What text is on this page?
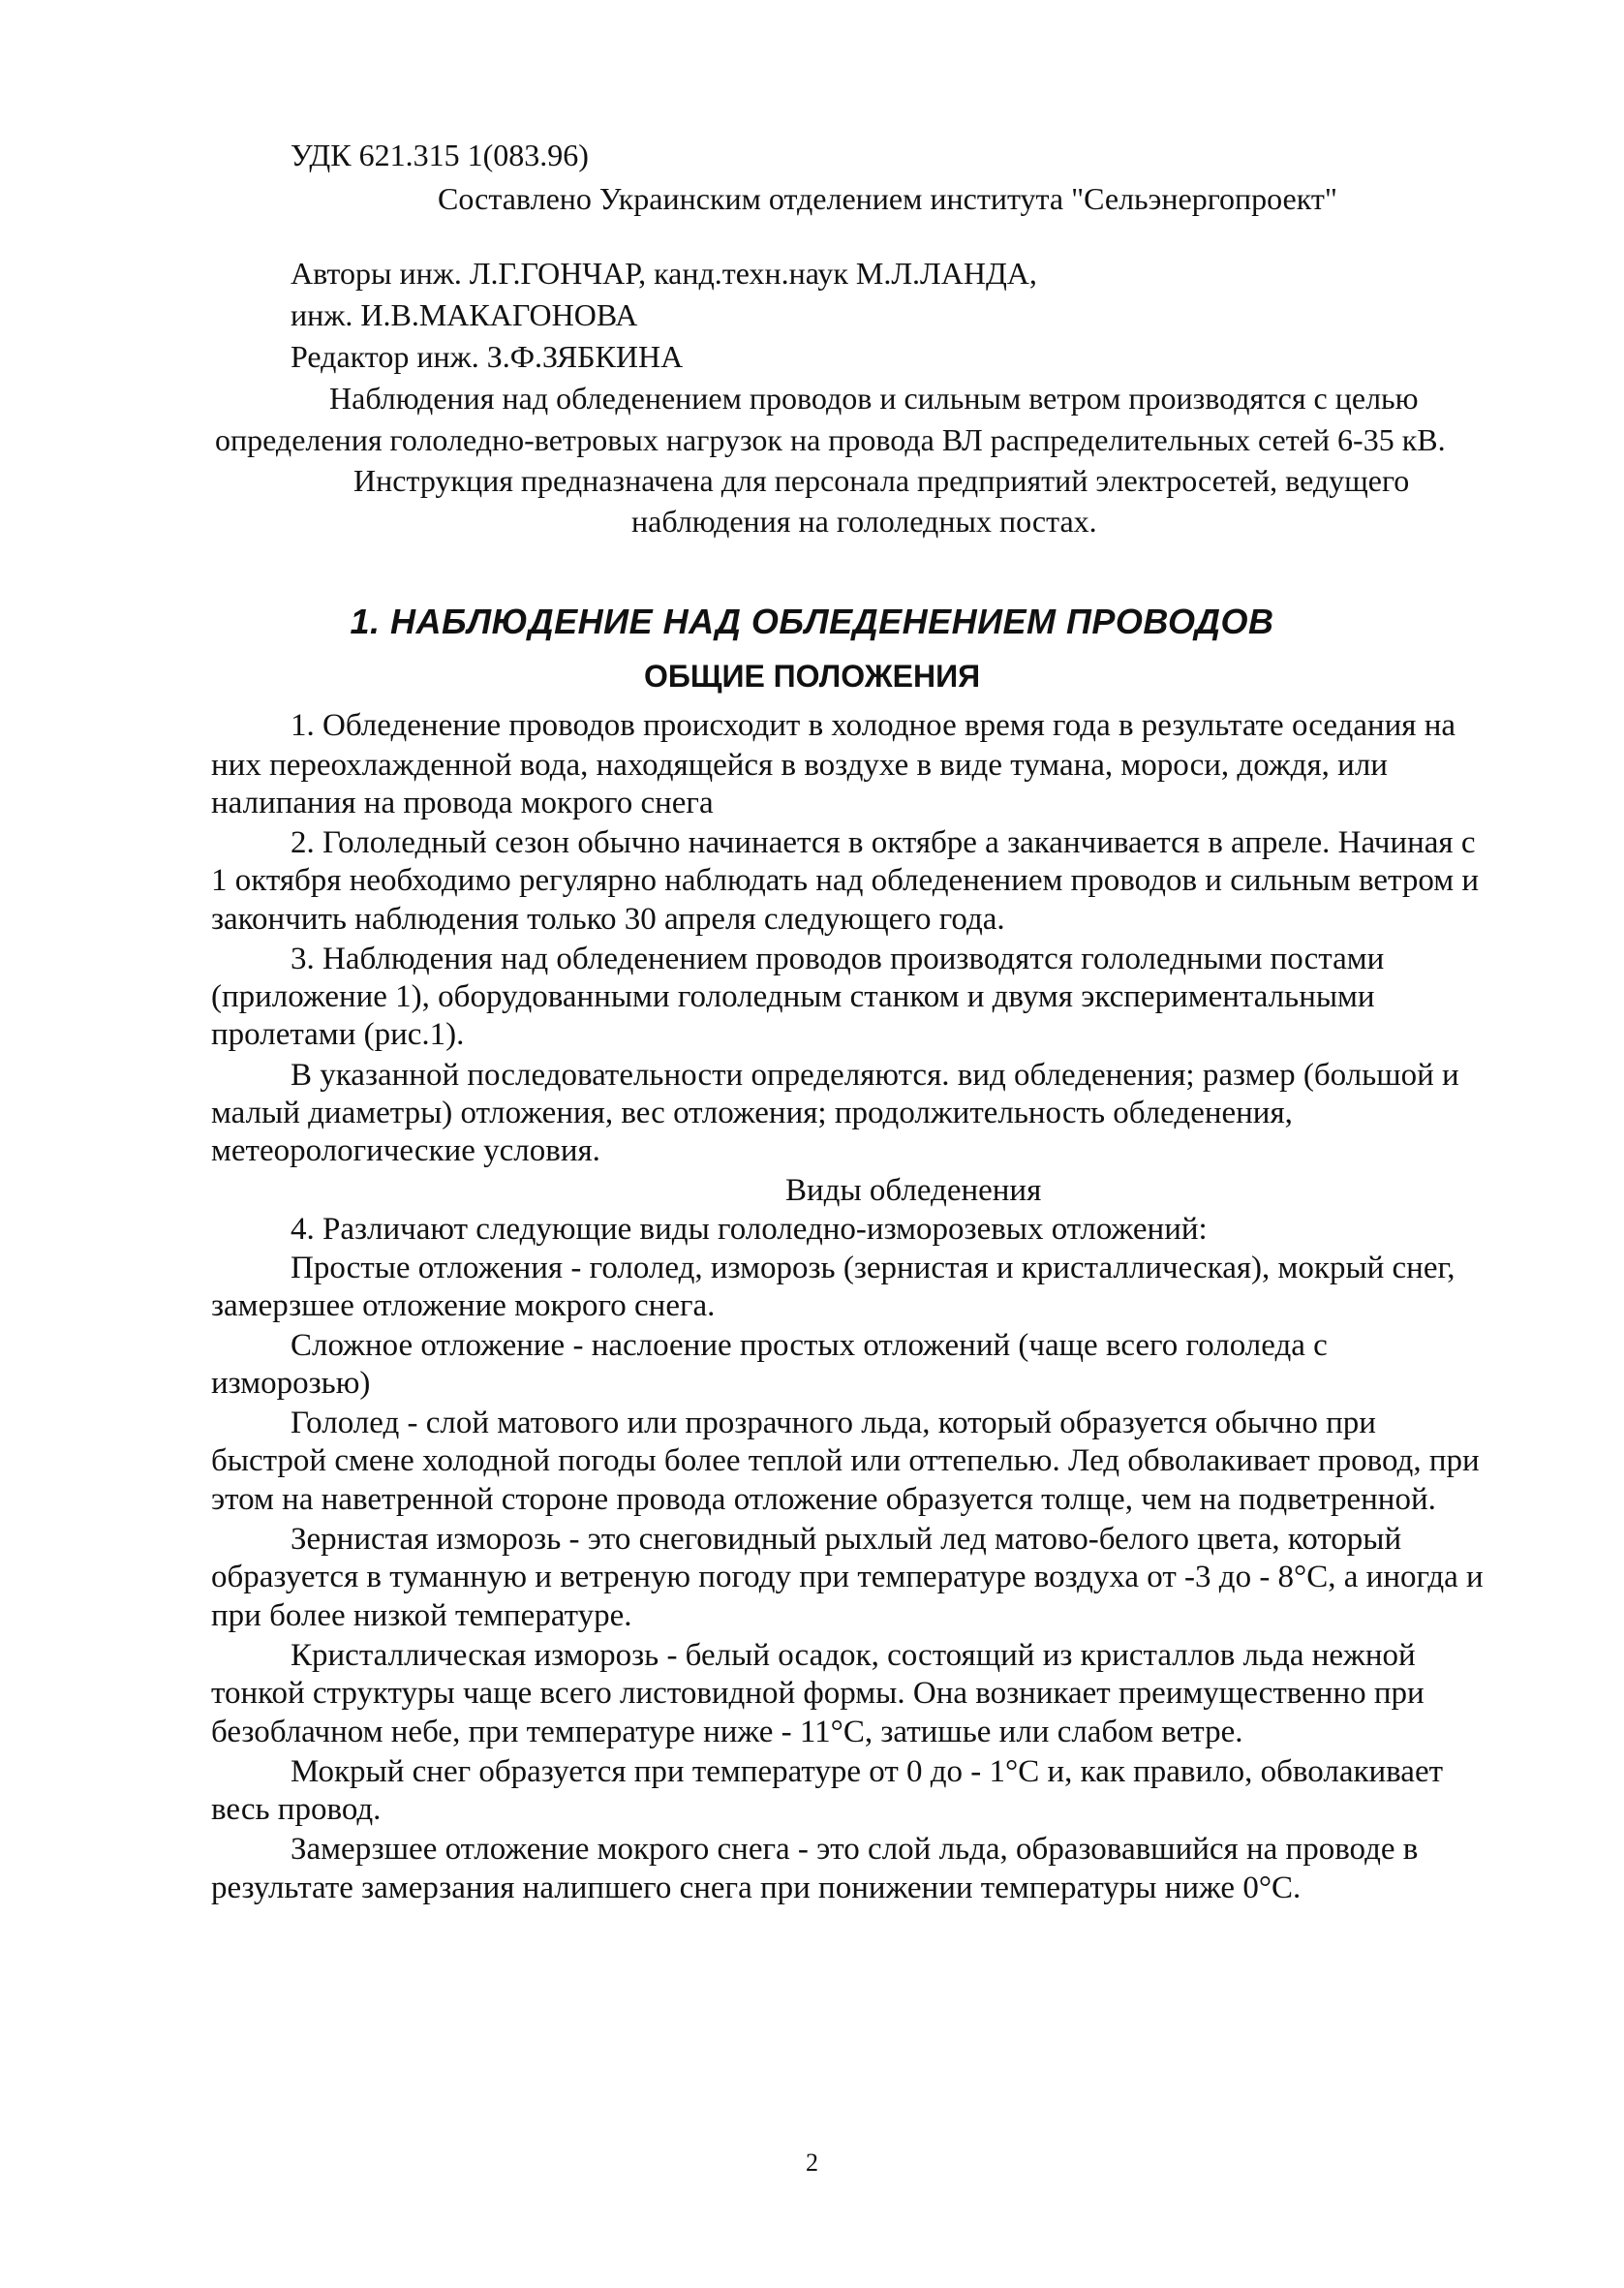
УДК 621.315 1(083.96)

Составлено Украинским отделением института "Сельэнергопроект"

Авторы инж. Л.Г.ГОНЧАР, канд.техн.наук М.Л.ЛАНДА,

инж. И.В.МАКАГОНОВА

Редактор инж. З.Ф.ЗЯБКИНА

Наблюдения над обледенением проводов и сильным ветром производятся с целью

определения гололедно-ветровых нагрузок на провода ВЛ распределительных сетей 6-35 кВ.

Инструкция предназначена для персонала предприятий электросетей, ведущего

наблюдения на гололедных постах.

1. НАБЛЮДЕНИЕ НАД ОБЛЕДЕНЕНИЕМ ПРОВОДОВ
ОБЩИЕ ПОЛОЖЕНИЯ

1. Обледенение проводов происходит в холодное время года в результате оседания на

них переохлажденной вода, находящейся в воздухе в виде тумана, мороси, дождя, или

налипания на провода мокрого снега

2. Гололедный сезон обычно начинается в октябре а заканчивается в апреле. Начиная с

1 октября необходимо регулярно наблюдать над обледенением проводов и сильным ветром и

закончить наблюдения только 30 апреля следующего года.

3. Наблюдения над обледенением проводов производятся гололедными постами

(приложение 1), оборудованными гололедным станком и двумя экспериментальными

пролетами (рис.1).

В указанной последовательности определяются. вид обледенения; размер (большой и

малый диаметры) отложения, вес отложения; продолжительность обледенения,

метеорологические условия.

Виды обледенения

4. Различают следующие виды гололедно-изморозевых отложений:

Простые отложения - гололед, изморозь (зернистая и кристаллическая), мокрый снег,

замерзшее отложение мокрого снега.

Сложное отложение - наслоение простых отложений (чаще всего гололеда с

изморозью)

Гололед - слой матового или прозрачного льда, который образуется обычно при

быстрой смене холодной погоды более теплой или оттепелью. Лед обволакивает провод, при

этом на наветренной стороне провода отложение образуется толще, чем на подветренной.

Зернистая изморозь - это снеговидный рыхлый лед матово-белого цвета, который

образуется в туманную и ветреную погоду при температуре воздуха от -3 до - 8°С, а иногда и

при более низкой температуре.

Кристаллическая изморозь - белый осадок, состоящий из кристаллов льда нежной

тонкой структуры чаще всего листовидной формы. Она возникает преимущественно при

безоблачном небе, при температуре ниже - 11°С, затишье или слабом ветре.

Мокрый снег образуется при температуре от 0 до - 1°С и, как правило, обволакивает

весь провод.

Замерзшее отложение мокрого снега - это слой льда, образовавшийся на проводе в

результате замерзания налипшего снега при понижении температуры ниже 0°С.

2
